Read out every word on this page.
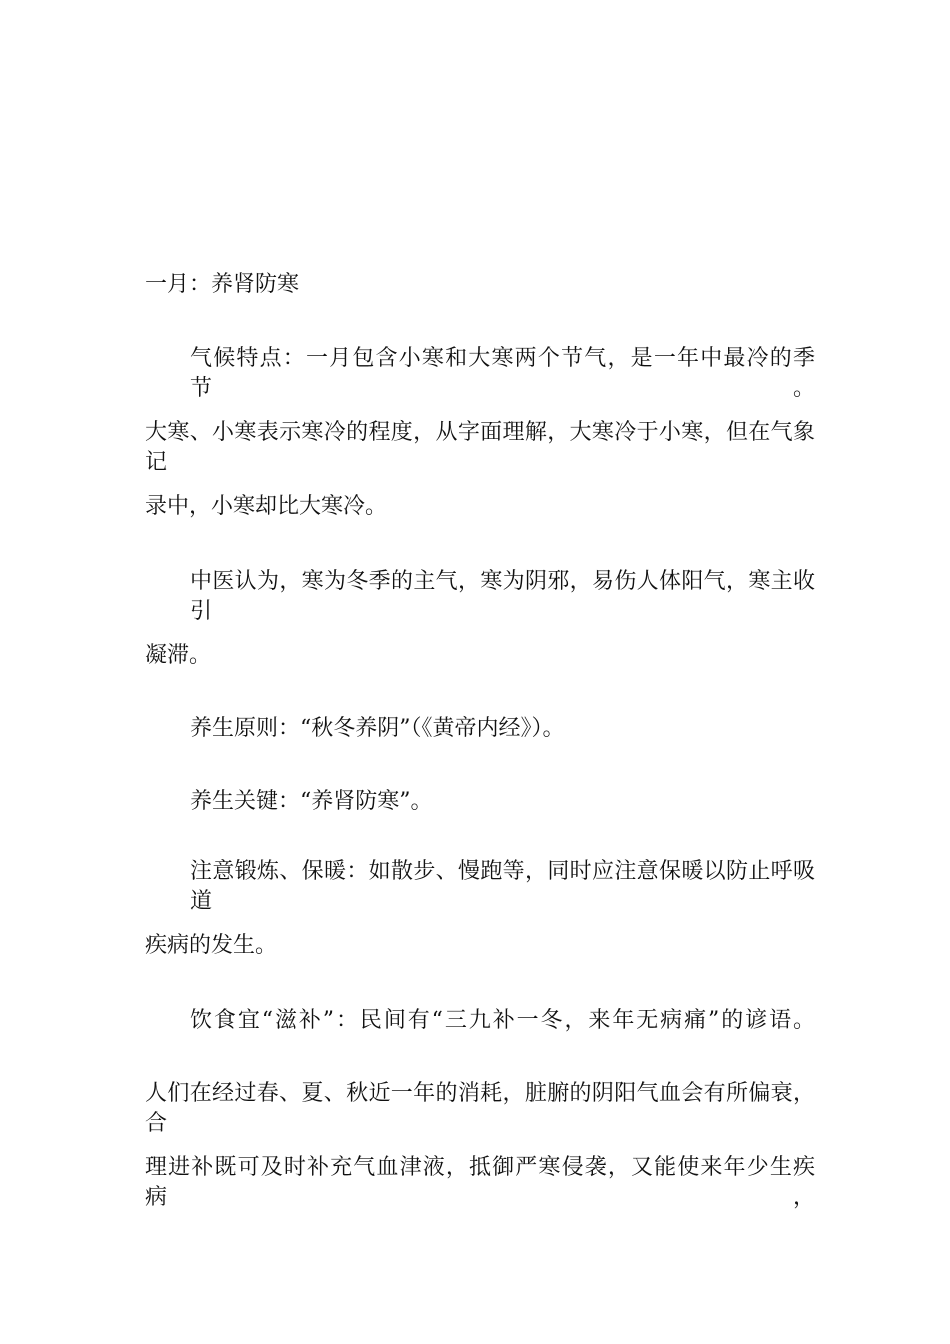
一月：养肾防寒
气候特点：一月包含小寒和大寒两个节气，是一年中最冷的季节。
大寒、小寒表示寒冷的程度，从字面理解，大寒冷于小寒，但在气象记
录中，小寒却比大寒冷。
中医认为，寒为冬季的主气，寒为阴邪，易伤人体阳气，寒主收引
凝滞。
养生原则：“秋冬养阴”（《黄帝内经》）。
养生关键：“养肾防寒”。
注意锻炼、保暖：如散步、慢跑等，同时应注意保暖以防止呼吸道
疾病的发生。
饮食宜“滋补”：民间有“三九补一冬，来年无病痛”的谚语。
人们在经过春、夏、秋近一年的消耗，脏腑的阴阳气血会有所偏衰，合
理进补既可及时补充气血津液，抵御严寒侵袭，又能使来年少生疾病，
